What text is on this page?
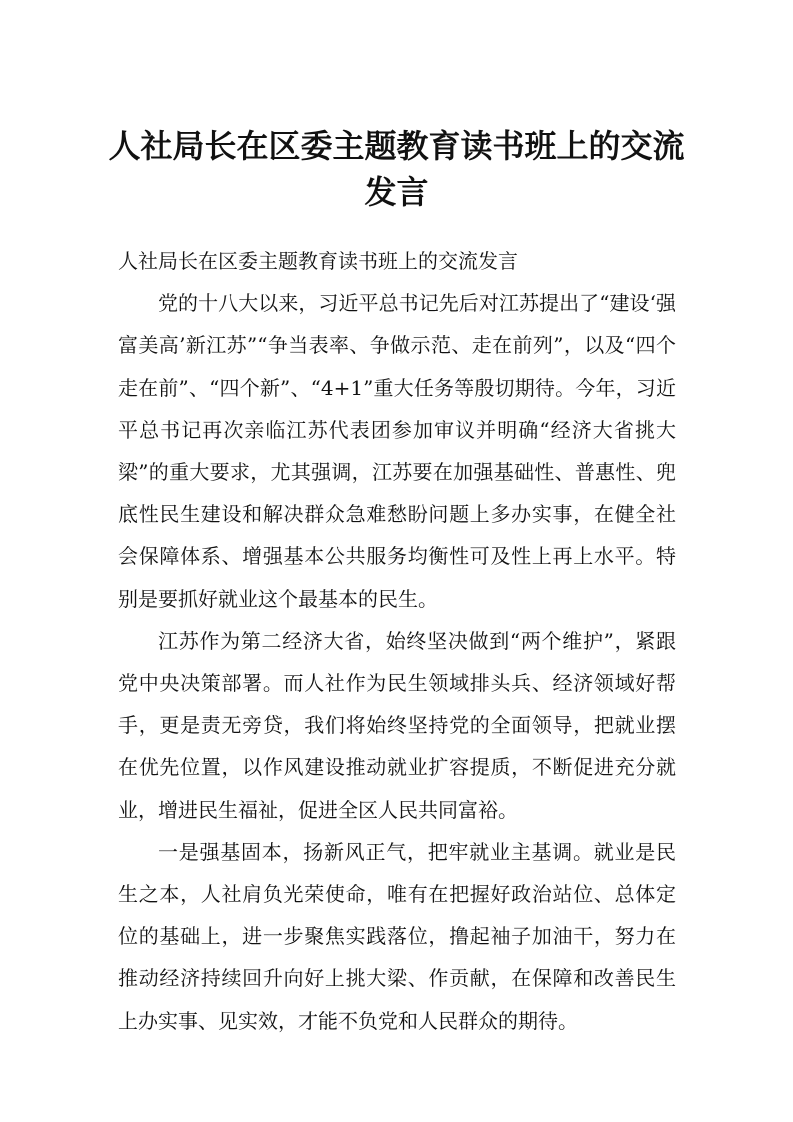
人社局长在区委主题教育读书班上的交流
发言

人社局长在区委主题教育读书班上的交流发言

党的十八大以来，习近平总书记先后对江苏提出了“建设‘强富美高’新江苏”“争当表率、争做示范、走在前列”，以及“四个走在前”、“四个新”、“4+1”重大任务等殷切期待。今年，习近平总书记再次亲临江苏代表团参加审议并明确“经济大省挑大梁”的重大要求，尤其强调，江苏要在加强基础性、普惠性、兜底性民生建设和解决群众急难愁盼问题上多办实事，在健全社会保障体系、增强基本公共服务均衡性可及性上再上水平。特别是要抓好就业这个最基本的民生。

江苏作为第二经济大省，始终坚决做到“两个维护”，紧跟党中央决策部署。而人社作为民生领域排头兵、经济领域好帮手，更是责无旁贷，我们将始终坚持党的全面领导，把就业摆在优先位置，以作风建设推动就业扩容提质，不断促进充分就业，增进民生福祉，促进全区人民共同富裕。

一是强基固本，扬新风正气，把牢就业主基调。就业是民生之本，人社肩负光荣使命，唯有在把握好政治站位、总体定位的基础上，进一步聚焦实践落位，撸起袖子加油干，努力在推动经济持续回升向好上挑大梁、作贡献，在保障和改善民生上办实事、见实效，才能不负党和人民群众的期待。
